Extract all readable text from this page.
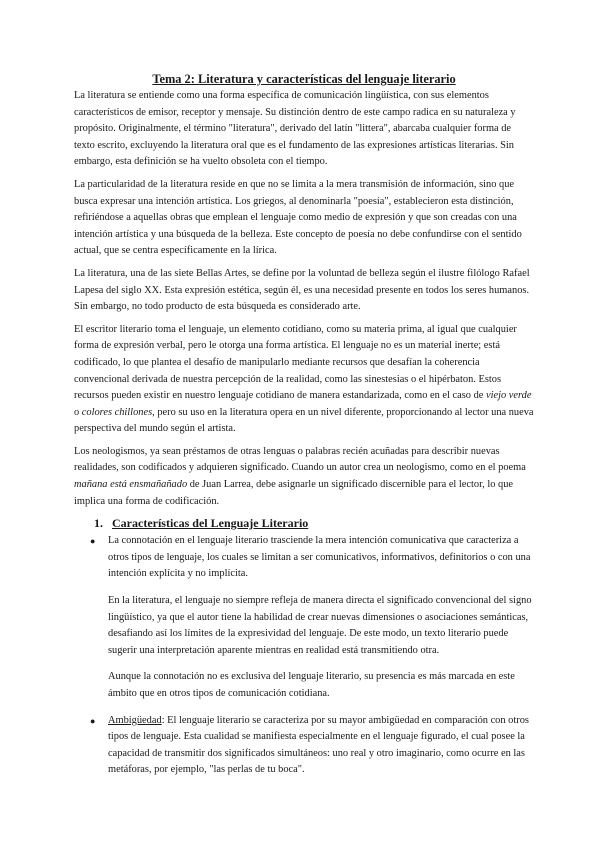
Tema 2: Literatura y características del lenguaje literario

La literatura se entiende como una forma específica de comunicación lingüística, con sus elementos característicos de emisor, receptor y mensaje. Su distinción dentro de este campo radica en su naturaleza y propósito. Originalmente, el término "literatura", derivado del latín "littera", abarcaba cualquier forma de texto escrito, excluyendo la literatura oral que es el fundamento de las expresiones artísticas literarias. Sin embargo, esta definición se ha vuelto obsoleta con el tiempo.

La particularidad de la literatura reside en que no se limita a la mera transmisión de información, sino que busca expresar una intención artística. Los griegos, al denominarla "poesía", establecieron esta distinción, refiriéndose a aquellas obras que emplean el lenguaje como medio de expresión y que son creadas con una intención artística y una búsqueda de la belleza. Este concepto de poesía no debe confundirse con el sentido actual, que se centra específicamente en la lírica.

La literatura, una de las siete Bellas Artes, se define por la voluntad de belleza según el ilustre filólogo Rafael Lapesa del siglo XX. Esta expresión estética, según él, es una necesidad presente en todos los seres humanos. Sin embargo, no todo producto de esta búsqueda es considerado arte.

El escritor literario toma el lenguaje, un elemento cotidiano, como su materia prima, al igual que cualquier forma de expresión verbal, pero le otorga una forma artística. El lenguaje no es un material inerte; está codificado, lo que plantea el desafío de manipularlo mediante recursos que desafían la coherencia convencional derivada de nuestra percepción de la realidad, como las sinestesias o el hipérbaton. Estos recursos pueden existir en nuestro lenguaje cotidiano de manera estandarizada, como en el caso de viejo verde o colores chillones, pero su uso en la literatura opera en un nivel diferente, proporcionando al lector una nueva perspectiva del mundo según el artista.

Los neologismos, ya sean préstamos de otras lenguas o palabras recién acuñadas para describir nuevas realidades, son codificados y adquieren significado. Cuando un autor crea un neologismo, como en el poema mañana está ensmañañado de Juan Larrea, debe asignarle un significado discernible para el lector, lo que implica una forma de codificación.

1. Características del Lenguaje Literario
● La connotación en el lenguaje literario trasciende la mera intención comunicativa que caracteriza a otros tipos de lenguaje, los cuales se limitan a ser comunicativos, informativos, definitorios o con una intención explícita y no implícita.
En la literatura, el lenguaje no siempre refleja de manera directa el significado convencional del signo lingüístico, ya que el autor tiene la habilidad de crear nuevas dimensiones o asociaciones semánticas, desafiando así los límites de la expresividad del lenguaje. De este modo, un texto literario puede sugerir una interpretación aparente mientras en realidad está transmitiendo otra.
Aunque la connotación no es exclusiva del lenguaje literario, su presencia es más marcada en este ámbito que en otros tipos de comunicación cotidiana.
● Ambigüedad: El lenguaje literario se caracteriza por su mayor ambigüedad en comparación con otros tipos de lenguaje. Esta cualidad se manifiesta especialmente en el lenguaje figurado, el cual posee la capacidad de transmitir dos significados simultáneos: uno real y otro imaginario, como ocurre en las metáforas, por ejemplo, "las perlas de tu boca".
